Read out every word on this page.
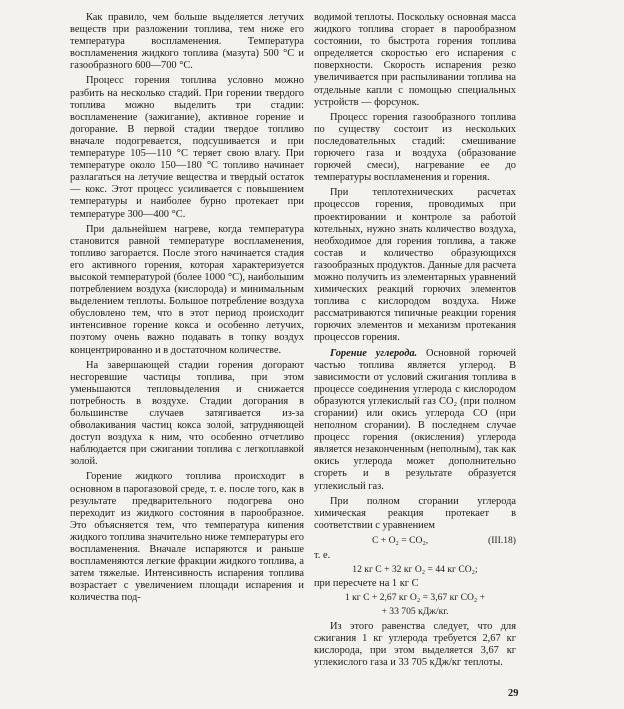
Как правило, чем больше выделяется летучих веществ при разложении топлива, тем ниже его температура воспламенения. Температура воспламенения жидкого топлива (мазута) 500 °С и газообразного 600—700 °С.

Процесс горения топлива условно можно разбить на несколько стадий. При горении твердого топлива можно выделить три стадии: воспламенение (зажигание), активное горение и догорание. В первой стадии твердое топливо вначале подогревается, подсушивается и при температуре 105—110 °С теряет свою влагу. При температуре около 150—180 °С топливо начинает разлагаться на летучие вещества и твердый остаток — кокс. Этот процесс усиливается с повышением температуры и наиболее бурно протекает при температуре 300—400 °С.

При дальнейшем нагреве, когда температура становится равной температуре воспламенения, топливо загорается. После этого начинается стадия его активного горения, которая характеризуется высокой температурой (более 1000 °С), наибольшим потреблением воздуха (кислорода) и минимальным выделением теплоты. Большое потребление воздуха обусловлено тем, что в этот период происходит интенсивное горение кокса и особенно летучих, поэтому очень важно подавать в топку воздух концентрированно и в достаточном количестве.

На завершающей стадии горения догорают несгоревшие частицы топлива, при этом уменьшаются тепловыделения и снижается потребность в воздухе. Стадии догорания в большинстве случаев затягивается из-за обволакивания частиц кокса золой, затрудняющей доступ воздуха к ним, что особенно отчетливо наблюдается при сжигании топлива с легкоплавкой золой.

Горение жидкого топлива происходит в основном в парогазовой среде, т. е. после того, как в результате предварительного подогрева оно переходит из жидкого состояния в парообразное. Это объясняется тем, что температура кипения жидкого топлива значительно ниже температуры его воспламенения. Вначале испаряются и раньше воспламеняются легкие фракции жидкого топлива, а затем тяжелые. Интенсивность испарения топлива возрастает с увеличением площади испарения и количества под-

водимой теплоты. Поскольку основная масса жидкого топлива сгорает в парообразном состоянии, то быстрота горения топлива определяется скоростью его испарения с поверхности. Скорость испарения резко увеличивается при распыливании топлива на отдельные капли с помощью специальных устройств — форсунок.

Процесс горения газообразного топлива по существу состоит из нескольких последовательных стадий: смешивание горючего газа и воздуха (образование горючей смеси), нагревание ее до температуры воспламенения и горения.

При теплотехнических расчетах процессов горения, проводимых при проектировании и контроле за работой котельных, нужно знать количество воздуха, необходимое для горения топлива, а также состав и количество образующихся газообразных продуктов. Данные для расчета можно получить из элементарных уравнений химических реакций горючих элементов топлива с кислородом воздуха. Ниже рассматриваются типичные реакции горения горючих элементов и механизм протекания процессов горения.

Горение углерода. Основной горючей частью топлива является углерод. В зависимости от условий сжигания топлива в процессе соединения углерода с кислородом образуются углекислый газ СО₂ (при полном сгорании) или окись углерода СО (при неполном сгорании). В последнем случае процесс горения (окисления) углерода является незаконченным (неполным), так как окись углерода может дополнительно сгореть и в результате образуется углекислый газ.

При полном сгорании углерода химическая реакция протекает в соответствии с уравнением

С + О₂ = СО₂,	(III.18)

т. е.

12 кг С + 32 кг О₂ = 44 кг СО₂;

при пересчете на 1 кг С

1 кг С + 2,67 кг О₂ = 3,67 кг СО₂ +
+ 33 705 кДж/кг.

Из этого равенства следует, что для сжигания 1 кг углерода требуется 2,67 кг кислорода, при этом выделяется 3,67 кг углекислого газа и 33 705 кДж/кг теплоты.

29
